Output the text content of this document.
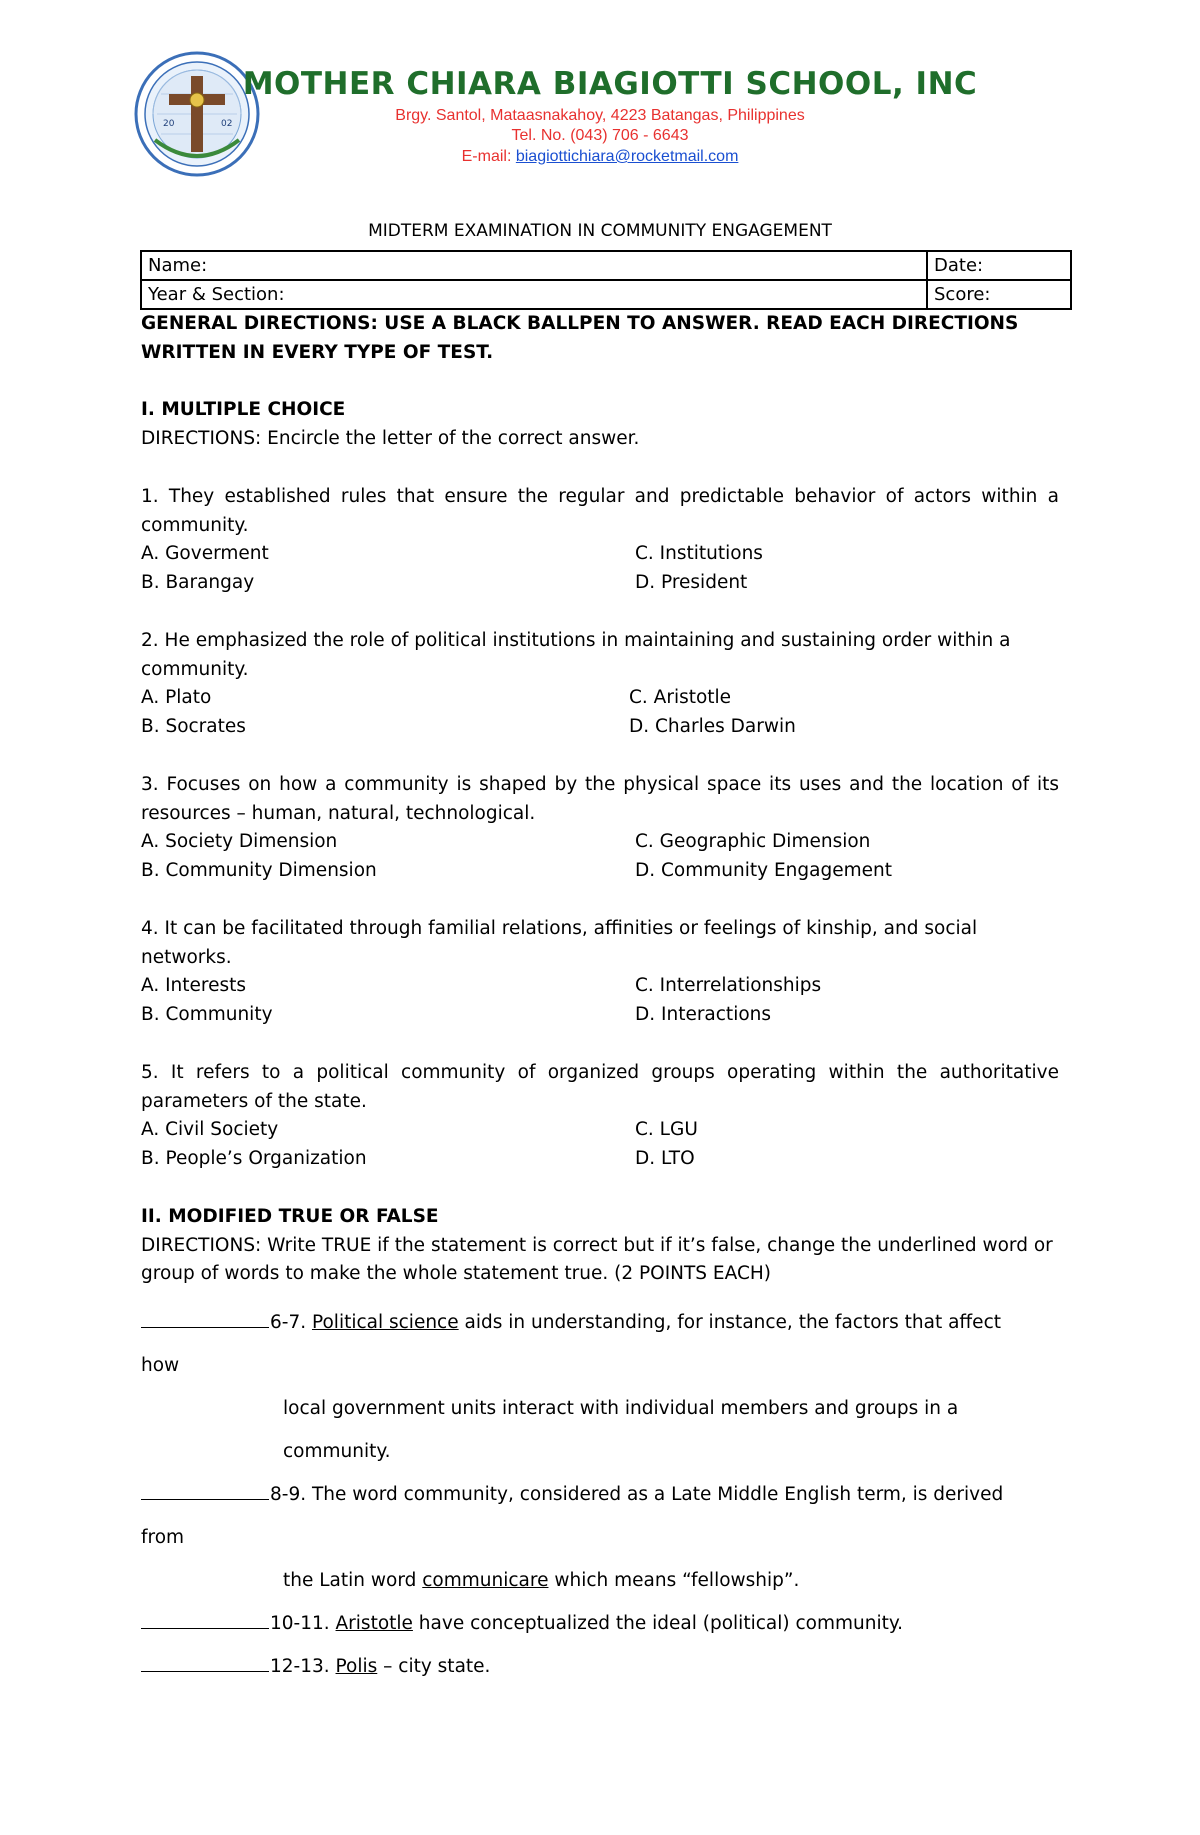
20	02
MOTHER CHIARA BIAGIOTTI SCHOOL, INC
Brgy. Santol, Mataasnakahoy, 4223 Batangas, Philippines
Tel. No. (043) 706 - 6643
E-mail: biagiottichiara@rocketmail.com
MIDTERM EXAMINATION IN COMMUNITY ENGAGEMENT
Name:	Date:
Year & Section:	Score:

GENERAL DIRECTIONS: USE A BLACK BALLPEN TO ANSWER. READ EACH DIRECTIONS WRITTEN IN EVERY TYPE OF TEST.

I. MULTIPLE CHOICE

DIRECTIONS: Encircle the letter of the correct answer.

1. They established rules that ensure the regular and predictable behavior of actors within a community.

A. Goverment	C. Institutions
B. Barangay	D. President

2. He emphasized the role of political institutions in maintaining and sustaining order within a community.

A. Plato	C. Aristotle
B. Socrates	D. Charles Darwin

3. Focuses on how a community is shaped by the physical space its uses and the location of its resources – human, natural, technological.

A. Society Dimension	C. Geographic Dimension
B. Community Dimension	D. Community Engagement

4. It can be facilitated through familial relations, affinities or feelings of kinship, and social networks.

A. Interests	C. Interrelationships
B. Community	D. Interactions

5. It refers to a political community of organized groups operating within the authoritative parameters of the state.

A. Civil Society	C. LGU
B. People’s Organization	D. LTO

II. MODIFIED TRUE OR FALSE

DIRECTIONS: Write TRUE if the statement is correct but if it’s false, change the underlined word or group of words to make the whole statement true. (2 POINTS EACH)

6-7. Political science aids in understanding, for instance, the factors that affect

how

local government units interact with individual members and groups in a

community.

8-9. The word community, considered as a Late Middle English term, is derived

from

the Latin word communicare which means “fellowship”.

10-11. Aristotle have conceptualized the ideal (political) community.

12-13. Polis – city state.
